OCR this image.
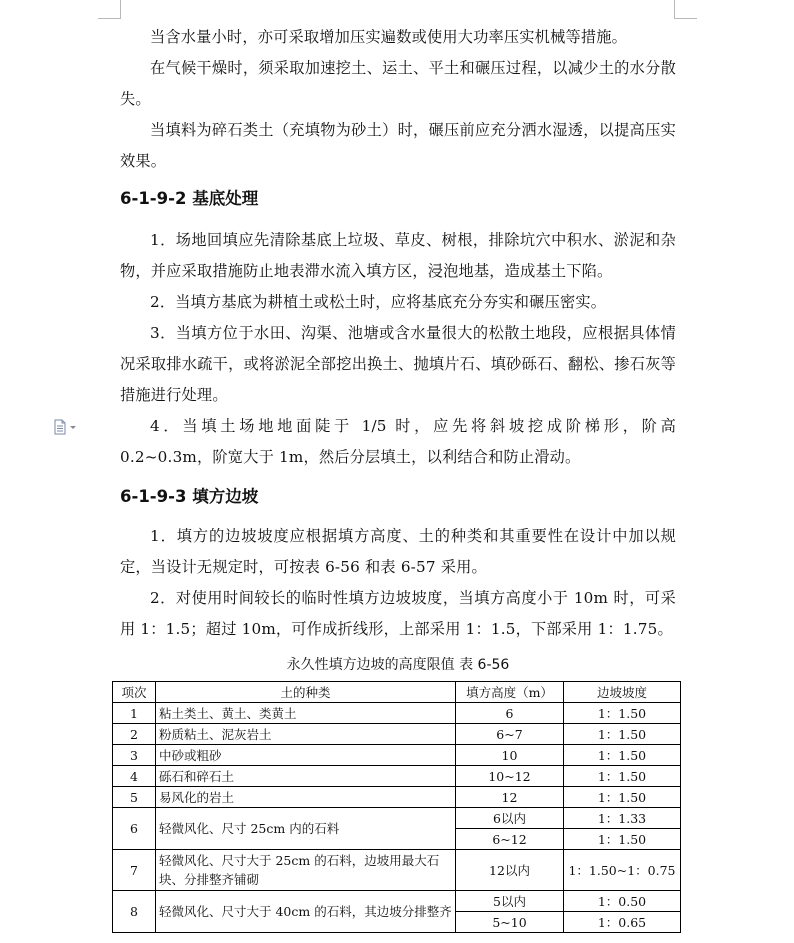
当含水量小时，亦可采取增加压实遍数或使用大功率压实机械等措施。

在气候干燥时，须采取加速挖土、运土、平土和碾压过程，以减少土的水分散失。

当填料为碎石类土（充填物为砂土）时，碾压前应充分洒水湿透，以提高压实效果。

6-1-9-2 基底处理

1．场地回填应先清除基底上垃圾、草皮、树根，排除坑穴中积水、淤泥和杂物，并应采取措施防止地表滞水流入填方区，浸泡地基，造成基土下陷。

2．当填方基底为耕植土或松土时，应将基底充分夯实和碾压密实。

3．当填方位于水田、沟渠、池塘或含水量很大的松散土地段，应根据具体情况采取排水疏干，或将淤泥全部挖出换土、抛填片石、填砂砾石、翻松、掺石灰等措施进行处理。

4．当填土场地地面陡于 1/5 时，应先将斜坡挖成阶梯形，阶高 0.2~0.3m，阶宽大于 1m，然后分层填土，以利结合和防止滑动。

6-1-9-3 填方边坡

1．填方的边坡坡度应根据填方高度、土的种类和其重要性在设计中加以规定，当设计无规定时，可按表 6-56 和表 6-57 采用。

2．对使用时间较长的临时性填方边坡坡度，当填方高度小于 10m 时，可采用 1：1.5；超过 10m，可作成折线形，上部采用 1：1.5，下部采用 1：1.75。

永久性填方边坡的高度限值 表 6-56
项次	土的种类	填方高度（m）	边坡坡度
1	粘土类土、黄土、类黄土	6	1：1.50
2	粉质粘土、泥灰岩土	6~7	1：1.50
3	中砂或粗砂	10	1：1.50
4	砾石和碎石土	10~12	1：1.50
5	易风化的岩土	12	1：1.50
6	轻微风化、尺寸 25cm 内的石料	6以内	1：1.33
		6~12	1：1.50
7	轻微风化、尺寸大于 25cm 的石料，边坡用最大石块、分排整齐铺砌	12以内	1：1.50~1：0.75
8	轻微风化、尺寸大于 40cm 的石料，其边坡分排整齐	5以内	1：0.50
		5~10	1：0.65
